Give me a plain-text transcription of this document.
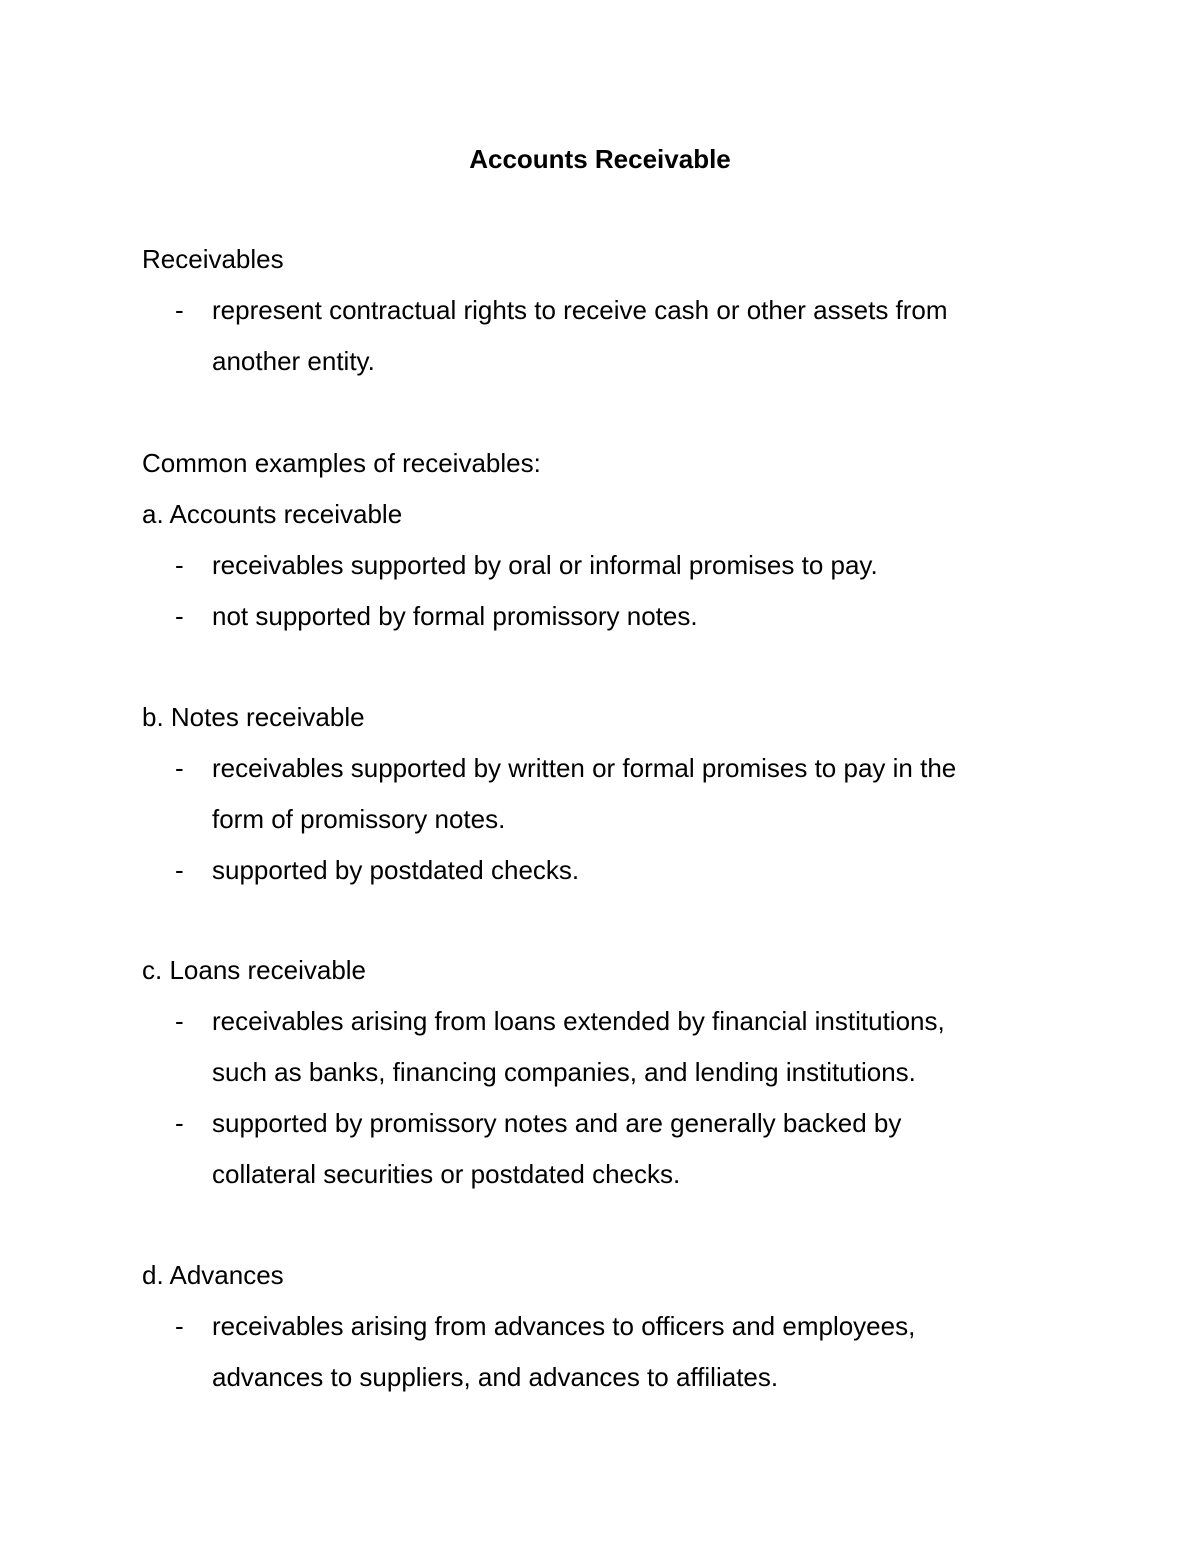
Accounts Receivable
Receivables
- represent contractual rights to receive cash or other assets from
another entity.
Common examples of receivables:
a. Accounts receivable
- receivables supported by oral or informal promises to pay.
- not supported by formal promissory notes.
b. Notes receivable
- receivables supported by written or formal promises to pay in the
form of promissory notes.
- supported by postdated checks.
c. Loans receivable
- receivables arising from loans extended by financial institutions,
such as banks, financing companies, and lending institutions.
- supported by promissory notes and are generally backed by
collateral securities or postdated checks.
d. Advances
- receivables arising from advances to officers and employees,
advances to suppliers, and advances to affiliates.
